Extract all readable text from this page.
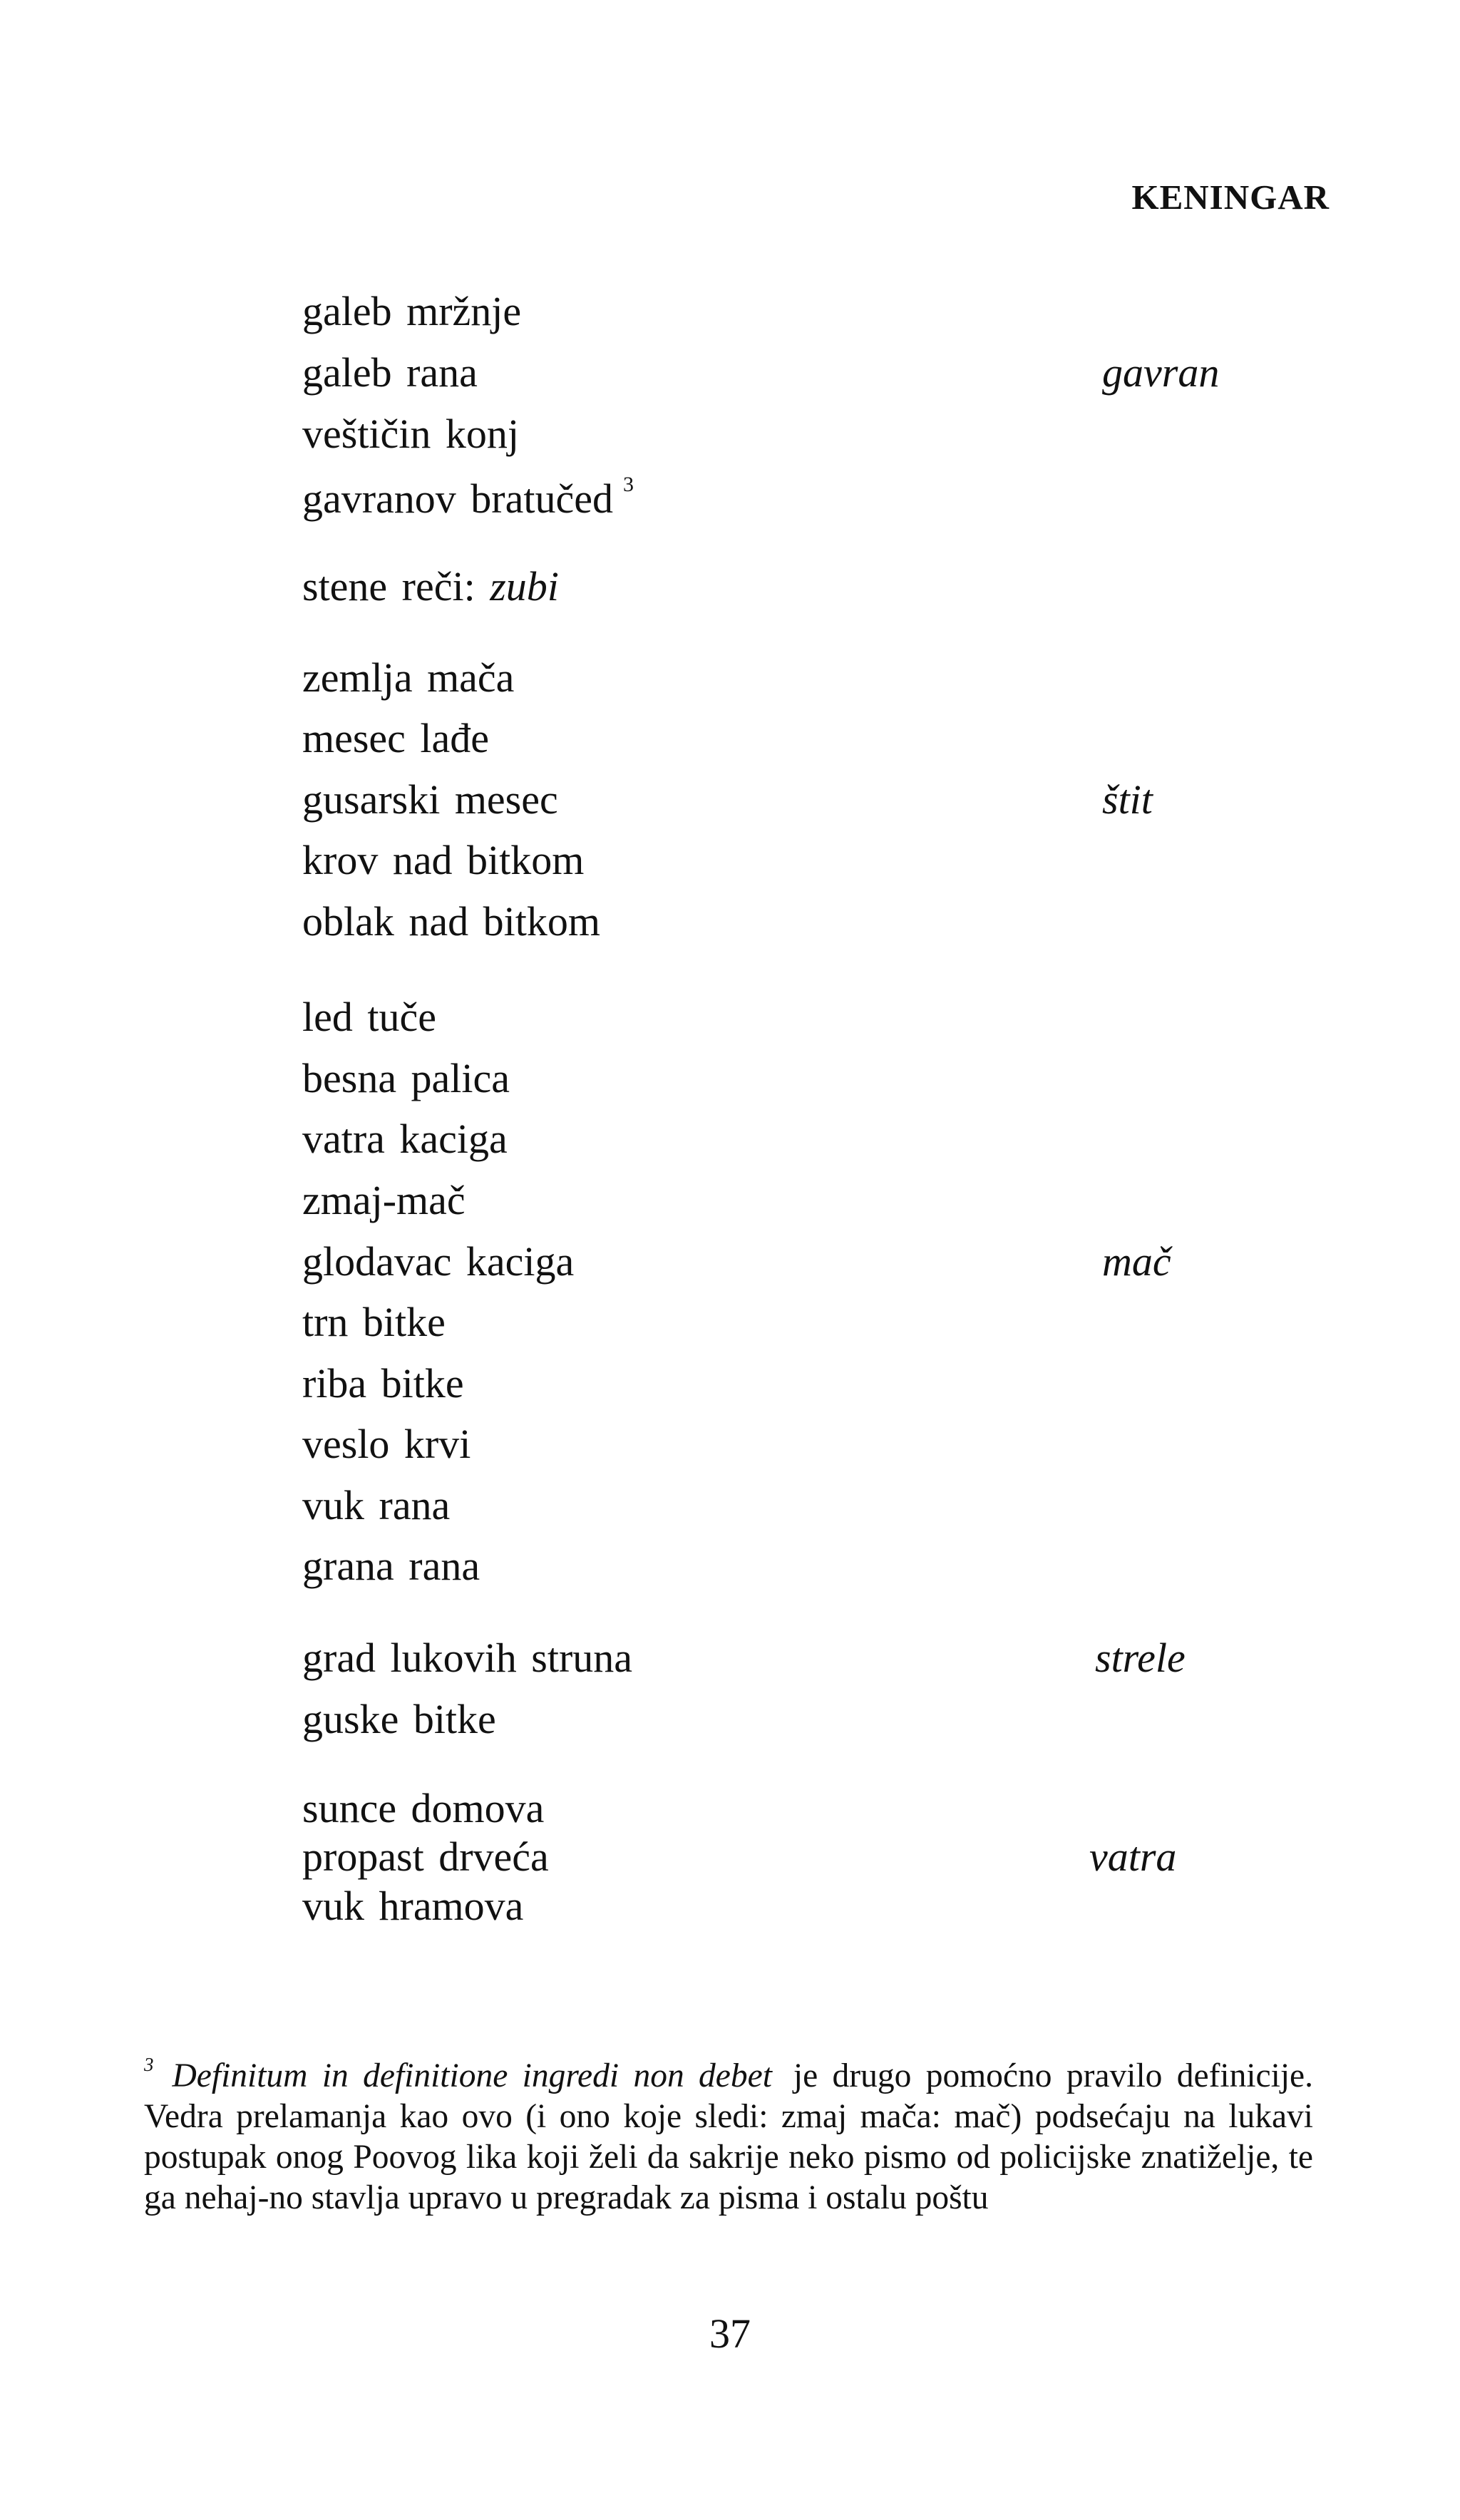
KENINGAR
galeb mržnje
galeb rana
veštičin konj
gavranov bratučed $^3$
gavran
stene reči: zubi
zemlja mača
mesec lađe
gusarski mesec
krov nad bitkom
oblak nad bitkom
štit
led tuče
besna palica
vatra kaciga
zmaj-mač
glodavac kaciga
trn bitke
riba bitke
veslo krvi
vuk rana
grana rana
mač
grad lukovih struna
guske bitke
strele
sunce domova
propast drveća
vuk hramova
vatra
$^3$ Definitum in definitione ingredi non debet je drugo pomoćno pravilo definicije. Vedra prelamanja kao ovo (i ono koje sledi: zmaj mača: mač) podsećaju na lukavi postupak onog Poovog lika koji želi da sakrije neko pismo od policijske znatiželje, te ga nehaj-no stavlja upravo u pregradak za pisma i ostalu poštu
37
